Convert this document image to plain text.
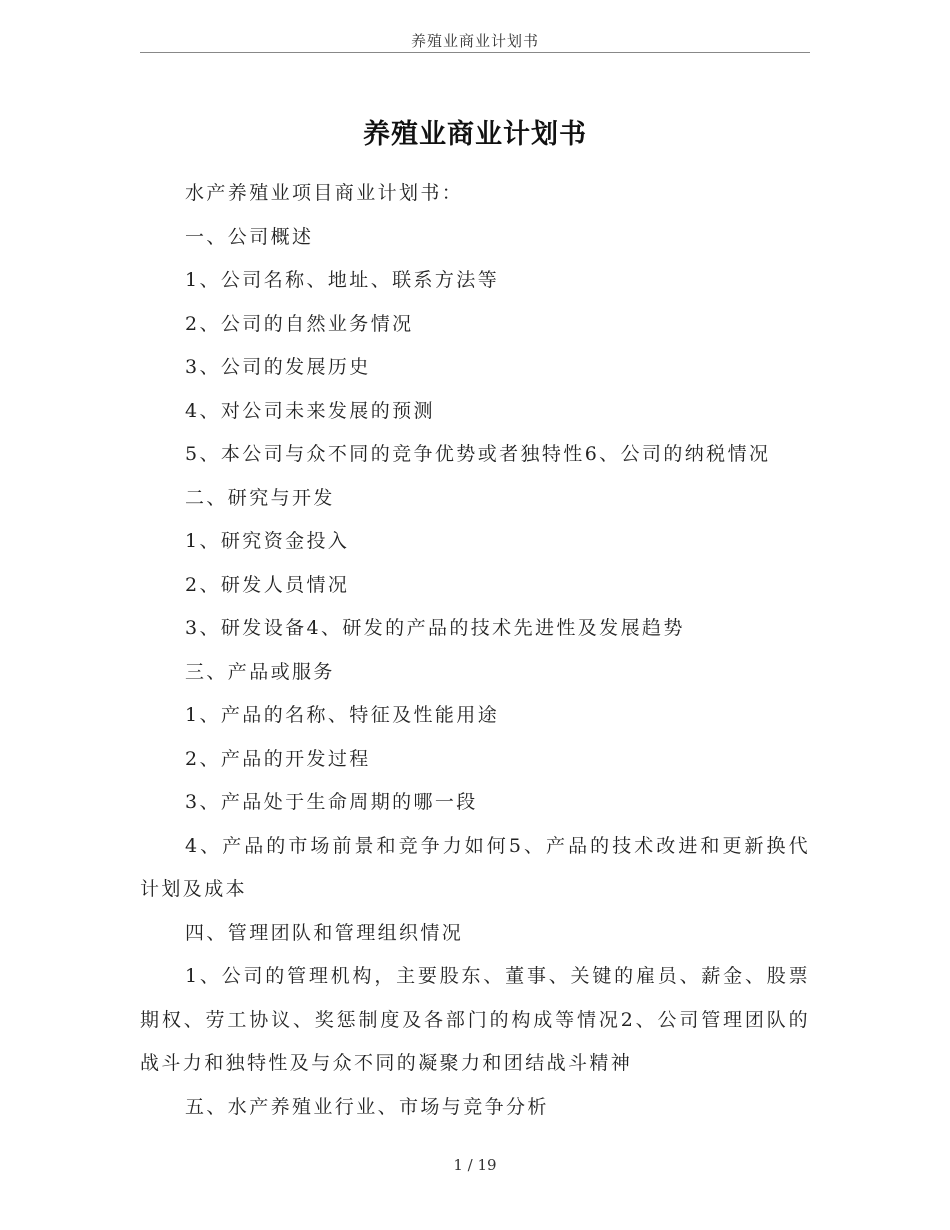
养殖业商业计划书
养殖业商业计划书

水产养殖业项目商业计划书：

一、公司概述

1、公司名称、地址、联系方法等

2、公司的自然业务情况

3、公司的发展历史

4、对公司未来发展的预测

5、本公司与众不同的竞争优势或者独特性6、公司的纳税情况

二、研究与开发

1、研究资金投入

2、研发人员情况

3、研发设备4、研发的产品的技术先进性及发展趋势

三、产品或服务

1、产品的名称、特征及性能用途

2、产品的开发过程

3、产品处于生命周期的哪一段

4、产品的市场前景和竞争力如何5、产品的技术改进和更新换代计划及成本

四、管理团队和管理组织情况

1、公司的管理机构，主要股东、董事、关键的雇员、薪金、股票期权、劳工协议、奖惩制度及各部门的构成等情况2、公司管理团队的战斗力和独特性及与众不同的凝聚力和团结战斗精神

五、水产养殖业行业、市场与竞争分析

1 / 19
